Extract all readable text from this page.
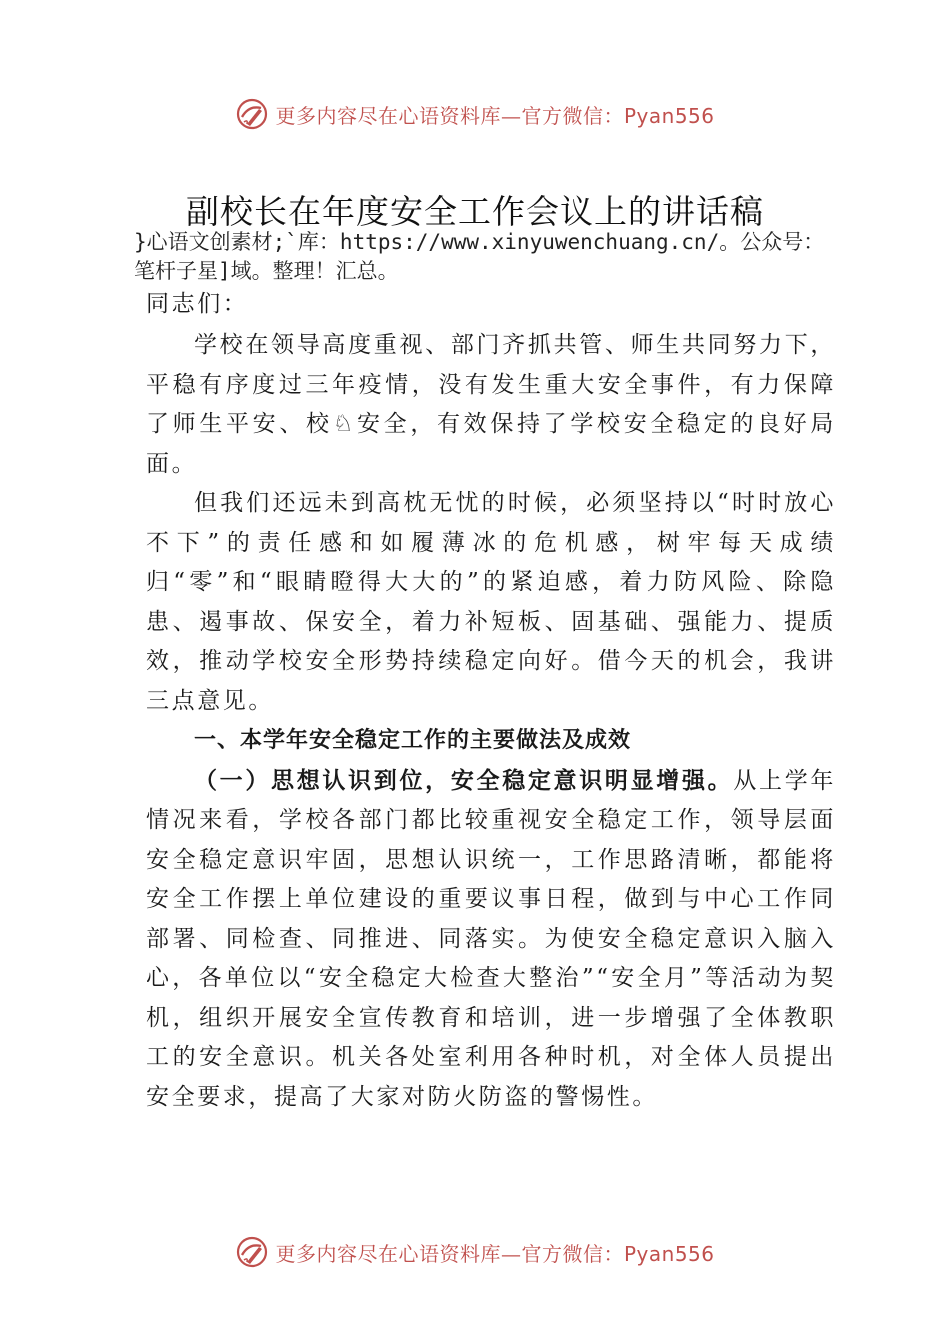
更多内容尽在心语资料库—官方微信：Pyan556
副校长在年度安全工作会议上的讲话稿

}心语文创素材;`库：https://www.xinyuwenchuang.cn/。公众号：笔杆子星]域。整理！汇总。

同志们：

学校在领导高度重视、部门齐抓共管、师生共同努力下，平稳有序度过三年疫情，没有发生重大安全事件，有力保障了师生平安、校♘安全，有效保持了学校安全稳定的良好局面。

但我们还远未到高枕无忧的时候，必须坚持以“时时放心不下”的责任感和如履薄冰的危机感，树牢每天成绩归“零”和“眼睛瞪得大大的”的紧迫感，着力防风险、除隐患、遏事故、保安全，着力补短板、固基础、强能力、提质效，推动学校安全形势持续稳定向好。借今天的机会，我讲三点意见。

一、本学年安全稳定工作的主要做法及成效

（一）思想认识到位，安全稳定意识明显增强。从上学年情况来看，学校各部门都比较重视安全稳定工作，领导层面安全稳定意识牢固，思想认识统一，工作思路清晰，都能将安全工作摆上单位建设的重要议事日程，做到与中心工作同部署、同检查、同推进、同落实。为使安全稳定意识入脑入心，各单位以“安全稳定大检查大整治”“安全月”等活动为契机，组织开展安全宣传教育和培训，进一步增强了全体教职工的安全意识。机关各处室利用各种时机，对全体人员提出安全要求，提高了大家对防火防盗的警惕性。

更多内容尽在心语资料库—官方微信：Pyan556
